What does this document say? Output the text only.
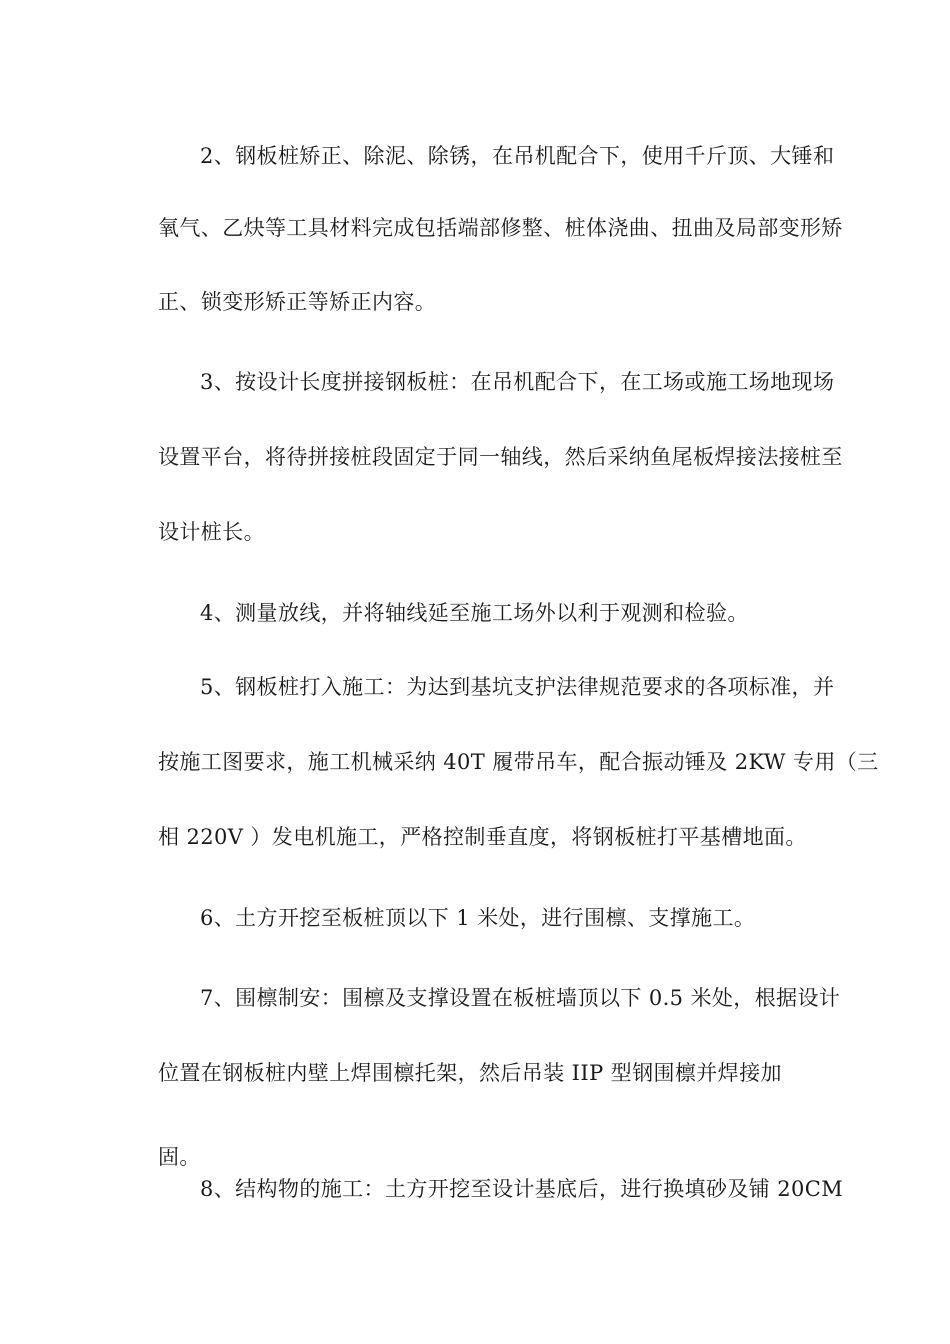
2、钢板桩矫正、除泥、除锈，在吊机配合下，使用千斤顶、大锤和
氧气、乙炔等工具材料完成包括端部修整、桩体浇曲、扭曲及局部变形矫
正、锁变形矫正等矫正内容。
3、按设计长度拼接钢板桩：在吊机配合下，在工场或施工场地现场
设置平台，将待拼接桩段固定于同一轴线，然后采纳鱼尾板焊接法接桩至
设计桩长。
4、测量放线，并将轴线延至施工场外以利于观测和检验。
5、钢板桩打入施工：为达到基坑支护法律规范要求的各项标准，并
按施工图要求，施工机械采纳 40T 履带吊车，配合振动锤及 2KW 专用（三
相 220V ）发电机施工，严格控制垂直度，将钢板桩打平基槽地面。
6、土方开挖至板桩顶以下 1 米处，进行围檩、支撑施工。
7、围檩制安：围檩及支撑设置在板桩墙顶以下 0.5 米处，根据设计
位置在钢板桩内壁上焊围檩托架，然后吊装 IIP 型钢围檩并焊接加
固。
8、结构物的施工：土方开挖至设计基底后，进行换填砂及铺 20CM
